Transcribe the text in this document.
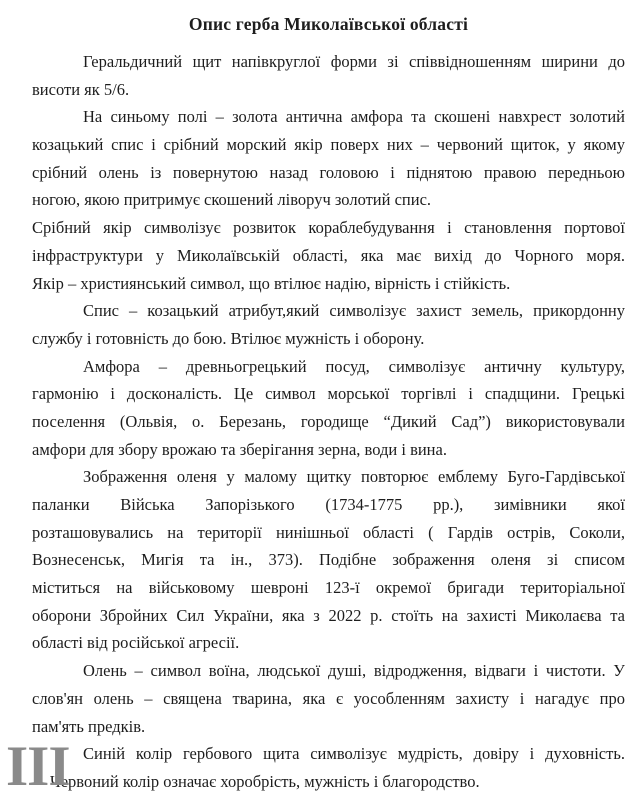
Опис герба Миколаївської області
Геральдичний щит напівкруглої форми зі співвідношенням ширини до
висоти як 5/6.
На синьому полі – золота антична амфора та скошені навхрест золотий
козацький спис і срібний морский якір поверх них – червоний щиток, у якому
срібний олень із повернутою назад головою і піднятою правою передньою
ногою, якою притримує скошений ліворуч золотий спис.
Срібний якір символізує розвиток кораблебудування і становлення портової
інфраструктури у Миколаївській області, яка має вихід до Чорного моря.
Якір – християнський символ, що втілює надію, вірність і стійкість.
Спис – козацький атрибут,який символізує захист земель, прикордонну
службу і готовність до бою. Втілює мужність і оборону.
Амфора – древньогрецький посуд, символізує античну культуру,
гармонію і досконалість. Це символ морської торгівлі і спадщини. Грецькі
поселення (Ольвія, о. Березань, городище “Дикий Сад”) використовували
амфори для збору врожаю та зберігання зерна, води і вина.
Зображення оленя у малому щитку повторює емблему Буго-Гардівської
паланки Війська Запорізького (1734-1775 рр.), зимівники якої
розташовувались на території нинішньої області ( Гардів острів, Соколи,
Вознесенськ, Мигія та ін., 373). Подібне зображення оленя зі списом
міститься на військовому шевроні 123-ї окремої бригади територіальної
оборони Збройних Сил України, яка з 2022 р. стоїть на захисті Миколаєва та
області від російської агресії.
Олень – символ воїна, людської душі, відродження, відваги і чистоти. У
слов'ян олень – священа тварина, яка є уособленням захисту і нагадує про
пам'ять предків.
Синій колір гербового щита символізує мудрість, довіру і духовність.
Червоний колір означає хоробрість, мужність і благородство.
III
